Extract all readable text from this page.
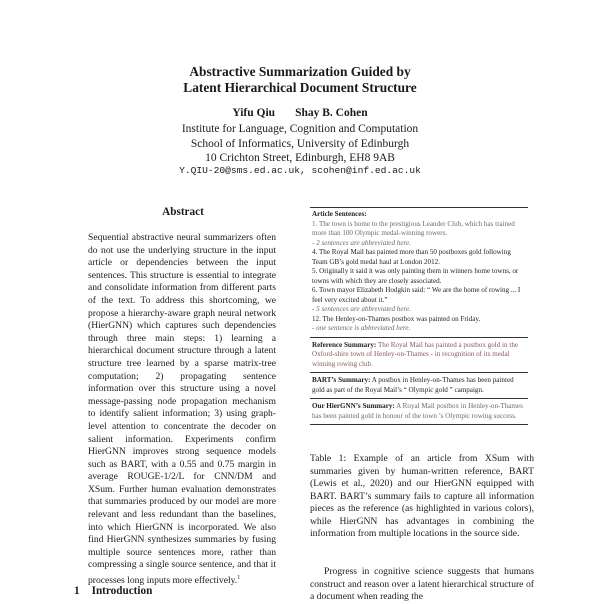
Abstractive Summarization Guided by
Latent Hierarchical Document Structure
Yifu Qiu Shay B. Cohen
Institute for Language, Cognition and Computation
School of Informatics, University of Edinburgh
10 Crichton Street, Edinburgh, EH8 9AB
Y.QIU-20@sms.ed.ac.uk, scohen@inf.ed.ac.uk
Abstract
Sequential abstractive neural summarizers often do not use the underlying structure in the input article or dependencies between the input sentences. This structure is essential to integrate and consolidate information from different parts of the text. To address this shortcoming, we propose a hierarchy-aware graph neural network (HierGNN) which captures such dependencies through three main steps: 1) learning a hierarchical document structure through a latent structure tree learned by a sparse matrix-tree computation; 2) propagating sentence information over this structure using a novel message-passing node propagation mechanism to identify salient information; 3) using graph-level attention to concentrate the decoder on salient information. Experiments confirm HierGNN improves strong sequence models such as BART, with a 0.55 and 0.75 margin in average ROUGE-1/2/L for CNN/DM and XSum. Further human evaluation demonstrates that summaries produced by our model are more relevant and less redundant than the baselines, into which HierGNN is incorporated. We also find HierGNN synthesizes summaries by fusing multiple source sentences more, rather than compressing a single source sentence, and that it processes long inputs more effectively.$^1$
1 Introduction
Article Sentences:

1. The town is home to the prestigious Leander Club, which has trained more than 100 Olympic medal-winning rowers.

- 2 sentences are abbreviated here.

4. The Royal Mail has painted more than 50 postboxes gold following Team GB’s gold medal haul at London 2012.

5. Originally it said it was only painting them in winners home towns, or towns with which they are closely associated.

6. Town mayor Elizabeth Hodgkin said: “ We are the home of rowing ... I feel very excited about it.”

- 5 sentences are abbreviated here.

12. The Henley-on-Thames postbox was painted on Friday.

- one sentence is abbreviated here.

Reference Summary: The Royal Mail has painted a postbox gold in the Oxford-shire town of Henley-on-Thames - in recognition of its medal winning rowing club.
BART’s Summary: A postbox in Henley-on-Thames has been painted gold as part of the Royal Mail’s “ Olympic gold ” campaign.
Our HierGNN’s Summary: A Royal Mail postbox in Henley-on-Thames has been painted gold in honour of the town ’s Olympic rowing success.
Table 1: Example of an article from XSum with summaries given by human-written reference, BART (Lewis et al., 2020) and our HierGNN equipped with BART. BART’s summary fails to capture all information pieces as the reference (as highlighted in various colors), while HierGNN has advantages in combining the information from multiple locations in the source side.
Progress in cognitive science suggests that humans construct and reason over a latent hierarchical structure of a document when reading the
